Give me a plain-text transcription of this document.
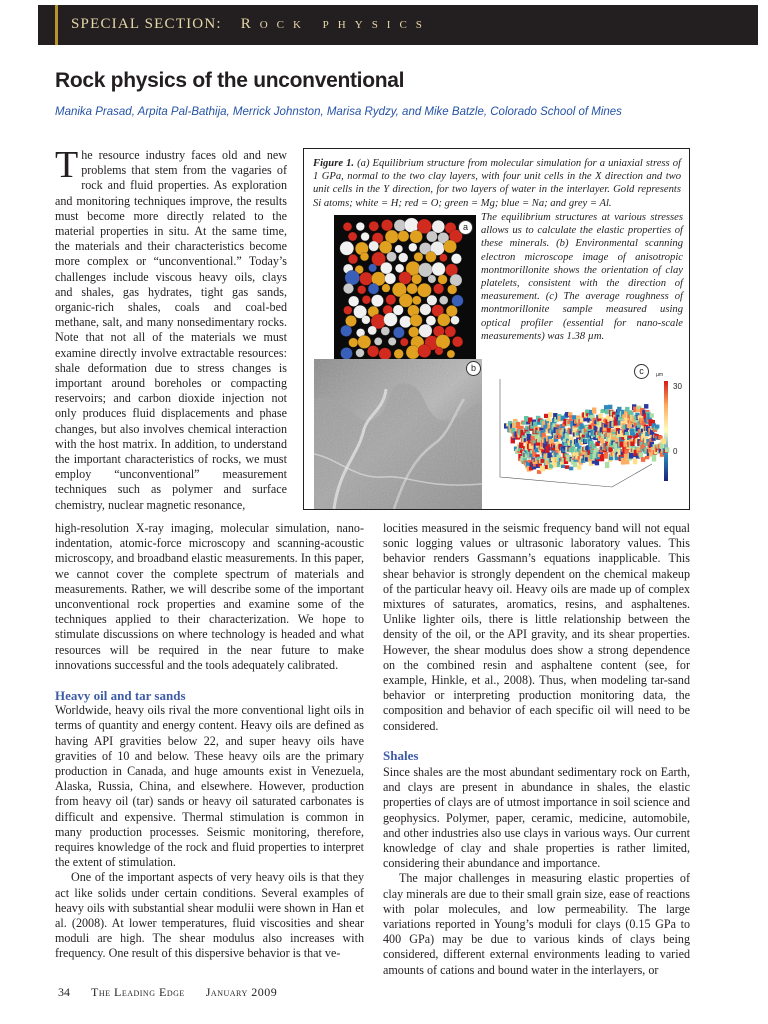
SPECIAL SECTION: Rock physics
Rock physics of the unconventional
Manika Prasad, Arpita Pal-Bathija, Merrick Johnston, Marisa Rydzy, and Mike Batzle, Colorado School of Mines
T he resource industry faces old and new problems that stem from the vagaries of rock and fluid properties. As exploration and monitoring techniques improve, the results must become more directly related to the material properties in situ. At the same time, the materials and their characteristics become more complex or “unconventional.” Today’s challenges include viscous heavy oils, clays and shales, gas hydrates, tight gas sands, organic-rich shales, coals and coal-bed methane, salt, and many nonsedimentary rocks. Note that not all of the materials we must examine directly involve extractable resources: shale deformation due to stress changes is important around boreholes or compacting reservoirs; and carbon dioxide injection not only produces fluid displacements and phase changes, but also involves chemical interaction with the host matrix. In addition, to understand the important characteristics of rocks, we must employ “unconventional” measurement techniques such as polymer and surface chemistry, nuclear magnetic resonance,
Figure 1. (a) Equilibrium structure from molecular simulation for a uniaxial stress of 1 GPa, normal to the two clay layers, with four unit cells in the X direction and two unit cells in the Y direction, for two layers of water in the interlayer. Gold represents Si atoms; white = H; red = O; green = Mg; blue = Na; and grey = Al.
The equilibrium structures at various stresses allows us to calculate the elastic properties of these minerals. (b) Environmental scanning electron microscope image of anisotropic montmorillonite shows the orientation of clay platelets, consistent with the direction of measurement. (c) The average roughness of montmorillonite sample measured using optical profiler (essential for nano-scale measurements) was 1.38 µm.
a
b
µm
30
0
c

high-resolution X-ray imaging, molecular simulation, nano-indentation, atomic-force microscopy and scanning-acoustic microscopy, and broadband elastic measurements. In this paper, we cannot cover the complete spectrum of materials and measurements. Rather, we will describe some of the important unconventional rock properties and examine some of the techniques applied to their characterization. We hope to stimulate discussions on where technology is headed and what resources will be required in the near future to make innovations successful and the tools adequately calibrated.

Heavy oil and tar sands

Worldwide, heavy oils rival the more conventional light oils in terms of quantity and energy content. Heavy oils are defined as having API gravities below 22, and super heavy oils have gravities of 10 and below. These heavy oils are the primary production in Canada, and huge amounts exist in Venezuela, Alaska, Russia, China, and elsewhere. However, production from heavy oil (tar) sands or heavy oil saturated carbonates is difficult and expensive. Thermal stimulation is common in many production processes. Seismic monitoring, therefore, requires knowledge of the rock and fluid properties to interpret the extent of stimulation.

One of the important aspects of very heavy oils is that they act like solids under certain conditions. Several examples of heavy oils with substantial shear modulii were shown in Han et al. (2008). At lower temperatures, fluid viscosities and shear moduli are high. The shear modulus also increases with frequency. One result of this dispersive behavior is that ve-

locities measured in the seismic frequency band will not equal sonic logging values or ultrasonic laboratory values. This behavior renders Gassmann’s equations inapplicable. This shear behavior is strongly dependent on the chemical makeup of the particular heavy oil. Heavy oils are made up of complex mixtures of saturates, aromatics, resins, and asphaltenes. Unlike lighter oils, there is little relationship between the density of the oil, or the API gravity, and its shear properties. However, the shear modulus does show a strong dependence on the combined resin and asphaltene content (see, for example, Hinkle, et al., 2008). Thus, when modeling tar-sand behavior or interpreting production monitoring data, the composition and behavior of each specific oil will need to be considered.

Shales

Since shales are the most abundant sedimentary rock on Earth, and clays are present in abundance in shales, the elastic properties of clays are of utmost importance in soil science and geophysics. Polymer, paper, ceramic, medicine, automobile, and other industries also use clays in various ways. Our current knowledge of clay and shale properties is rather limited, considering their abundance and importance.

The major challenges in measuring elastic properties of clay minerals are due to their small grain size, ease of reactions with polar molecules, and low permeability. The large variations reported in Young’s moduli for clays (0.15 GPa to 400 GPa) may be due to various kinds of clays being considered, different external environments leading to varied amounts of cations and bound water in the interlayers, or

34 The Leading Edge January 2009
